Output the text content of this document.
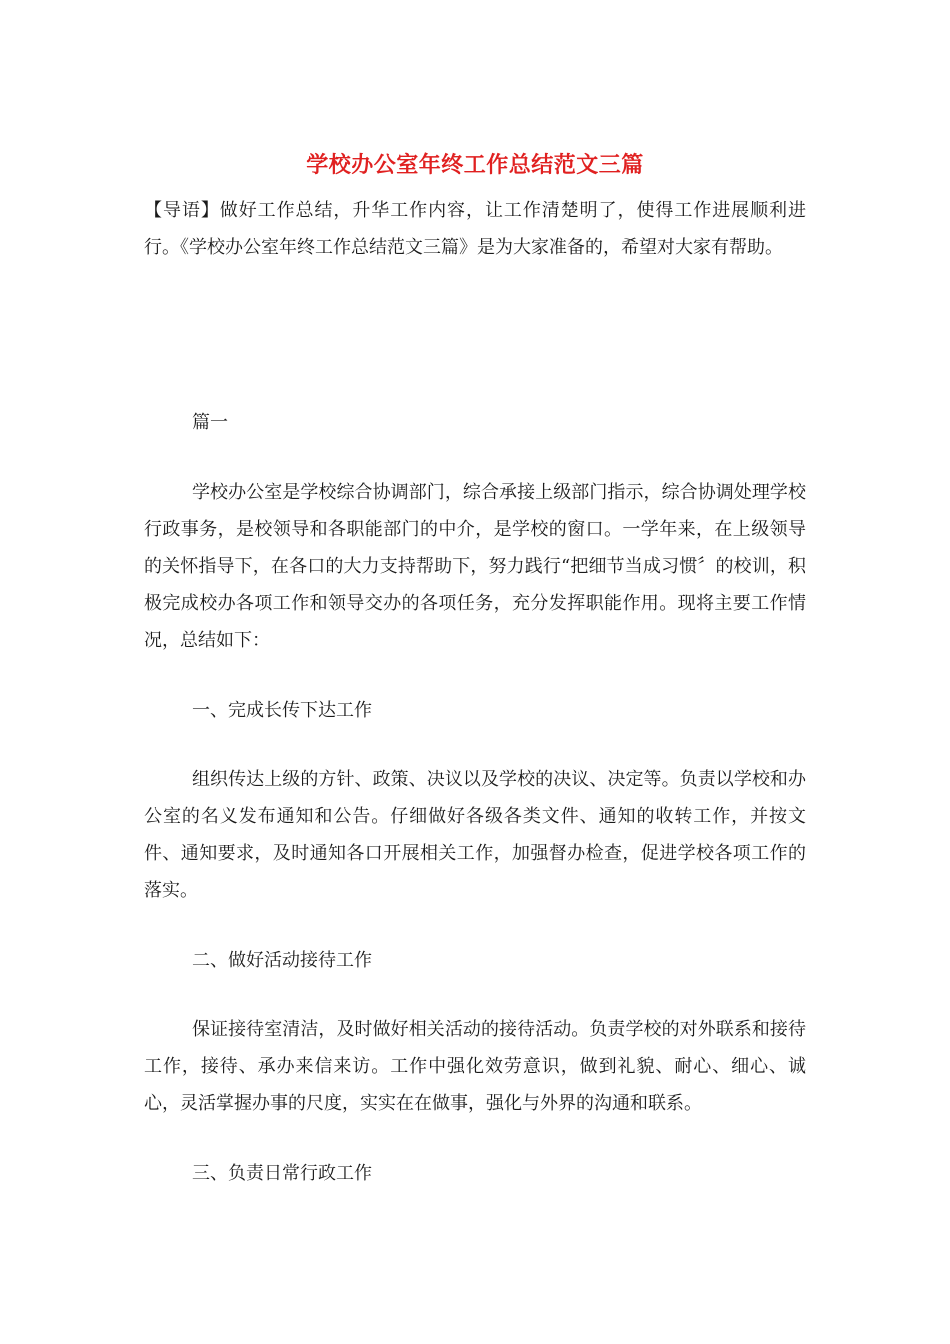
学校办公室年终工作总结范文三篇

【导语】做好工作总结，升华工作内容，让工作清楚明了，使得工作进展顺利进行。《学校办公室年终工作总结范文三篇》是为大家准备的，希望对大家有帮助。

篇一

学校办公室是学校综合协调部门，综合承接上级部门指示，综合协调处理学校行政事务，是校领导和各职能部门的中介，是学校的窗口。一学年来，在上级领导的关怀指导下，在各口的大力支持帮助下，努力践行“把细节当成习惯〞的校训，积极完成校办各项工作和领导交办的各项任务，充分发挥职能作用。现将主要工作情况，总结如下：

一、完成长传下达工作

组织传达上级的方针、政策、决议以及学校的决议、决定等。负责以学校和办公室的名义发布通知和公告。仔细做好各级各类文件、通知的收转工作，并按文件、通知要求，及时通知各口开展相关工作，加强督办检查，促进学校各项工作的落实。

二、做好活动接待工作

保证接待室清洁，及时做好相关活动的接待活动。负责学校的对外联系和接待工作，接待、承办来信来访。工作中强化效劳意识，做到礼貌、耐心、细心、诚心，灵活掌握办事的尺度，实实在在做事，强化与外界的沟通和联系。

三、负责日常行政工作
